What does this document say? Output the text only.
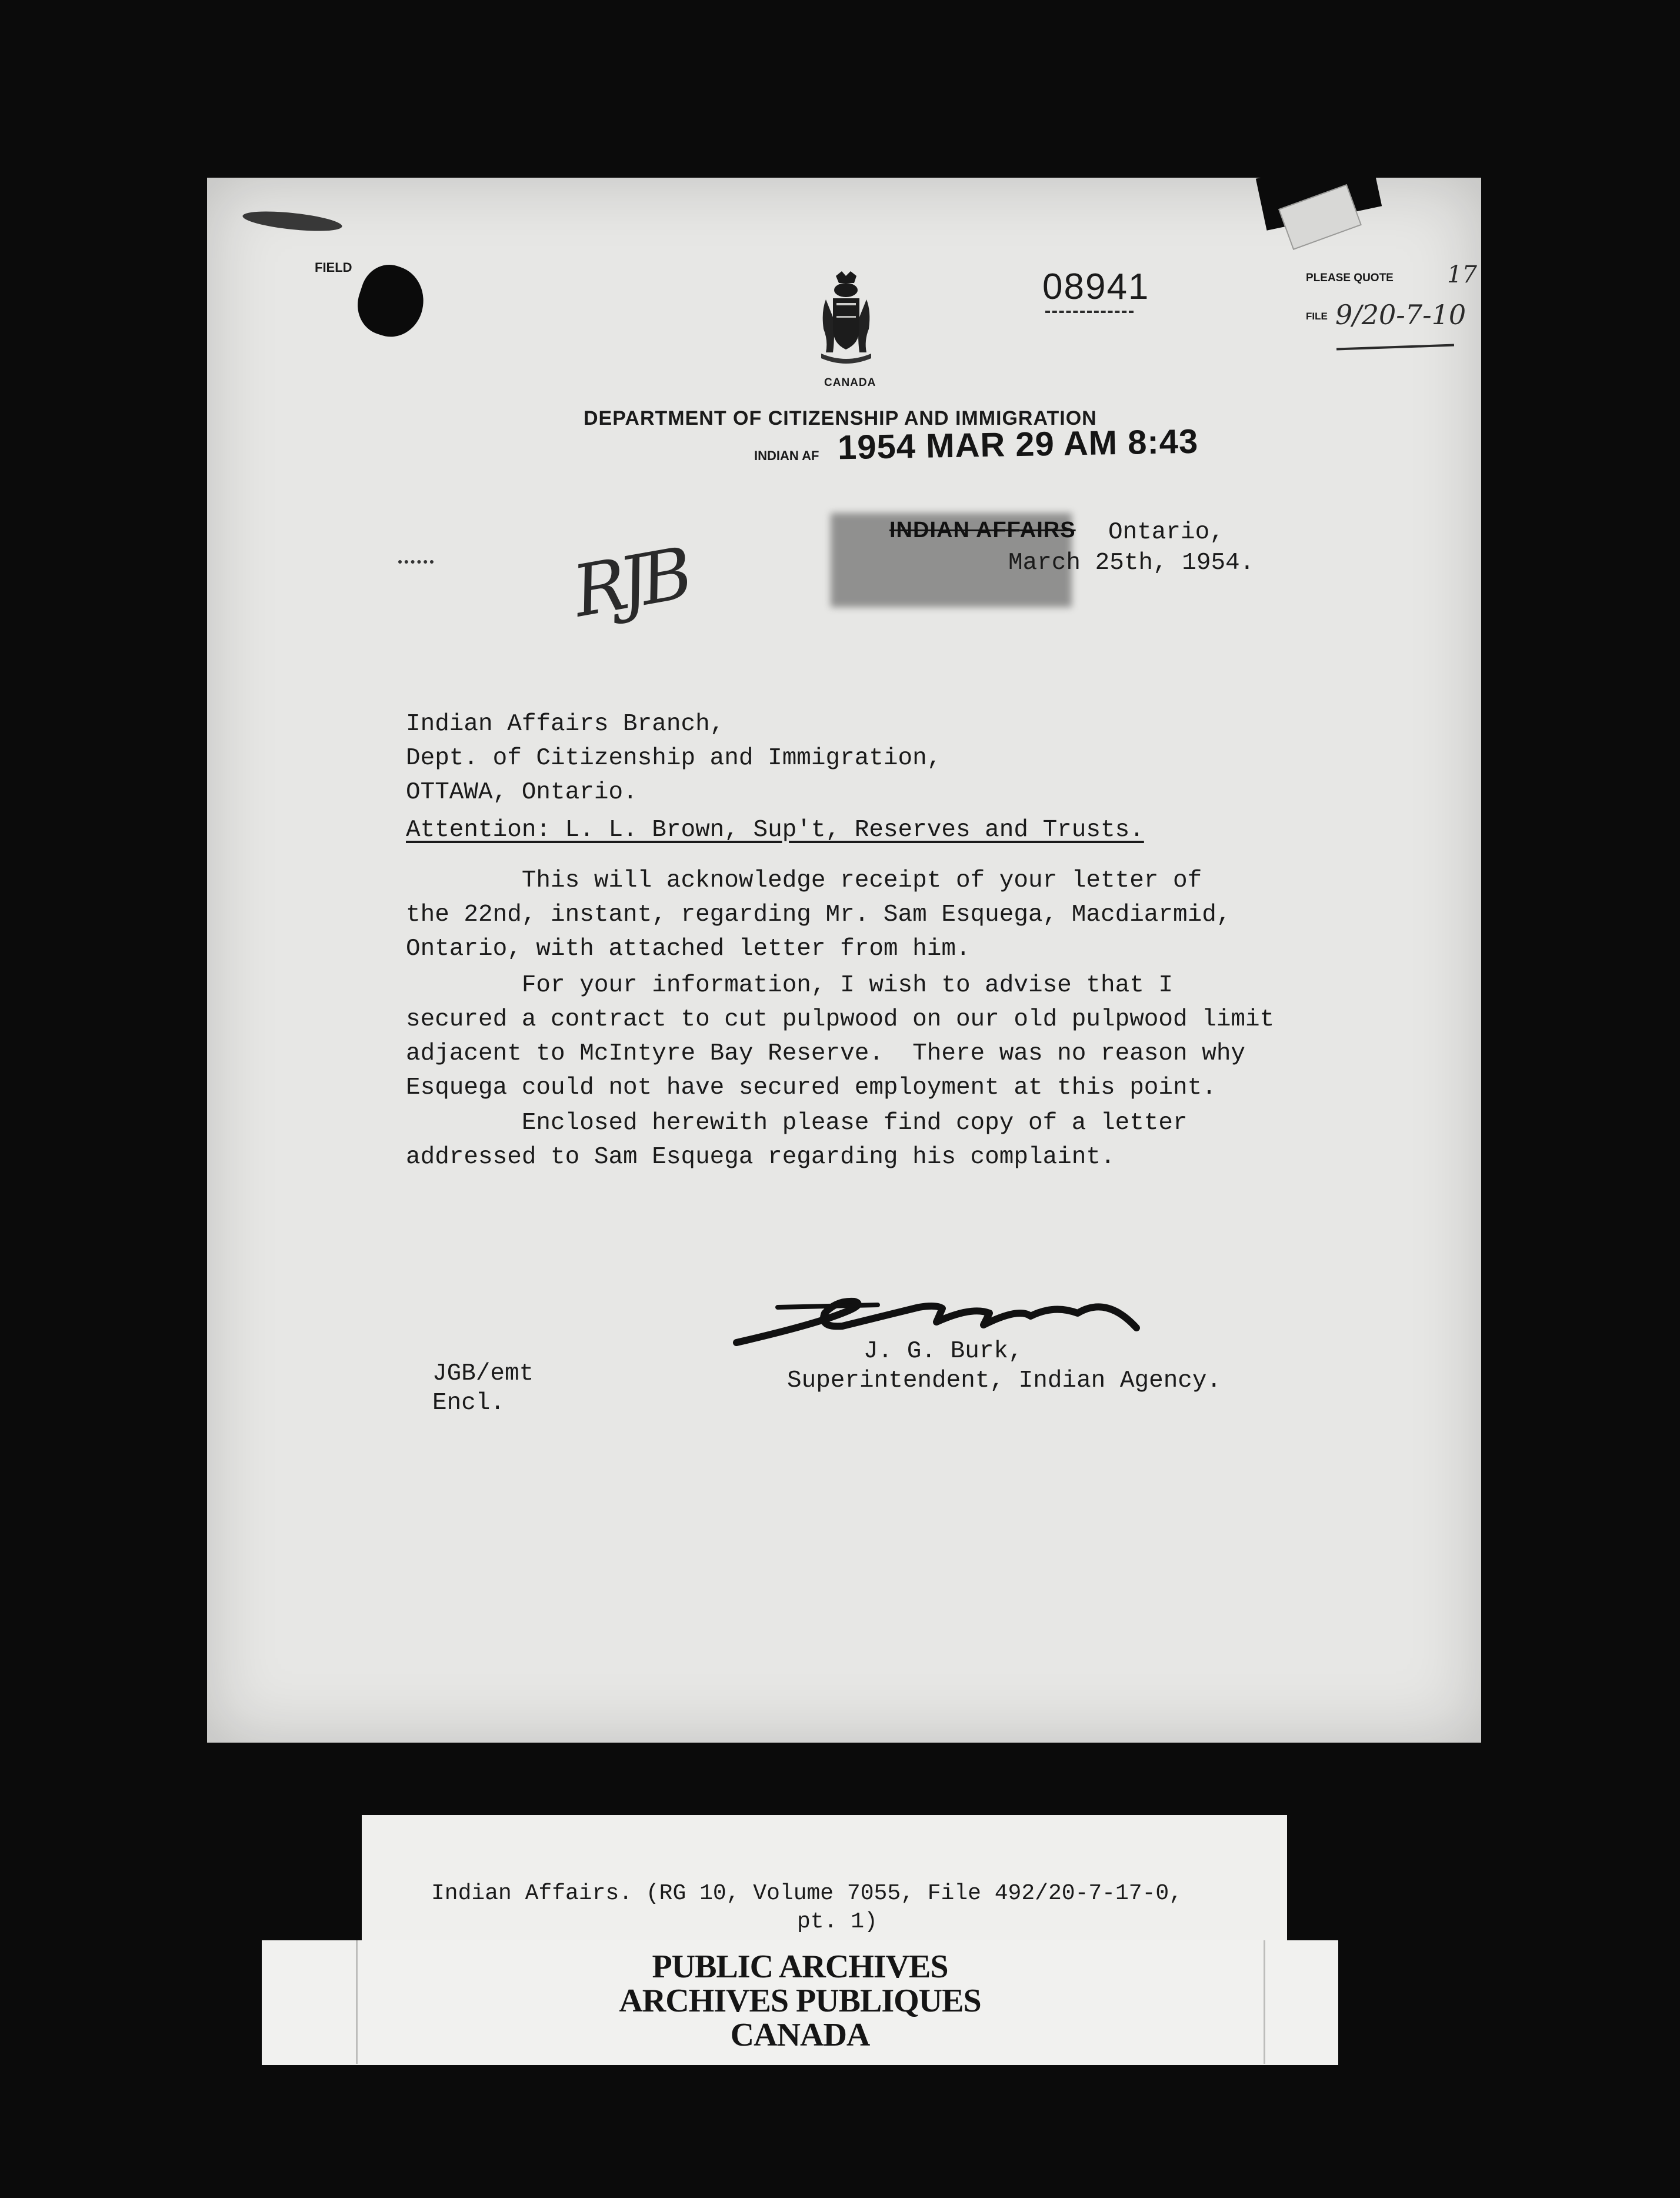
FIELD
CANADA
08941	PLEASE QUOTE 17
FILE 9/20-7-10
DEPARTMENT OF CITIZENSHIP AND IMMIGRATION
INDIAN AF 1954 MAR 29 AM 8:43
INDIAN AFFAIRS Ontario,
March 25th, 1954.
RJB
Indian Affairs Branch,
Dept. of Citizenship and Immigration,
OTTAWA, Ontario.
Attention: L. L. Brown, Sup't, Reserves and Trusts.
This will acknowledge receipt of your letter of
the 22nd, instant, regarding Mr. Sam Esquega, Macdiarmid,
Ontario, with attached letter from him.
For your information, I wish to advise that I
secured a contract to cut pulpwood on our old pulpwood limit
adjacent to McIntyre Bay Reserve.  There was no reason why
Esquega could not have secured employment at this point.
Enclosed herewith please find copy of a letter
addressed to Sam Esquega regarding his complaint.
J. G. Burk,
Superintendent, Indian Agency.
JGB/emt
Encl.
Indian Affairs. (RG 10, Volume 7055, File 492/20-7-17-0,
pt. 1)
PUBLIC ARCHIVES
ARCHIVES PUBLIQUES
CANADA
